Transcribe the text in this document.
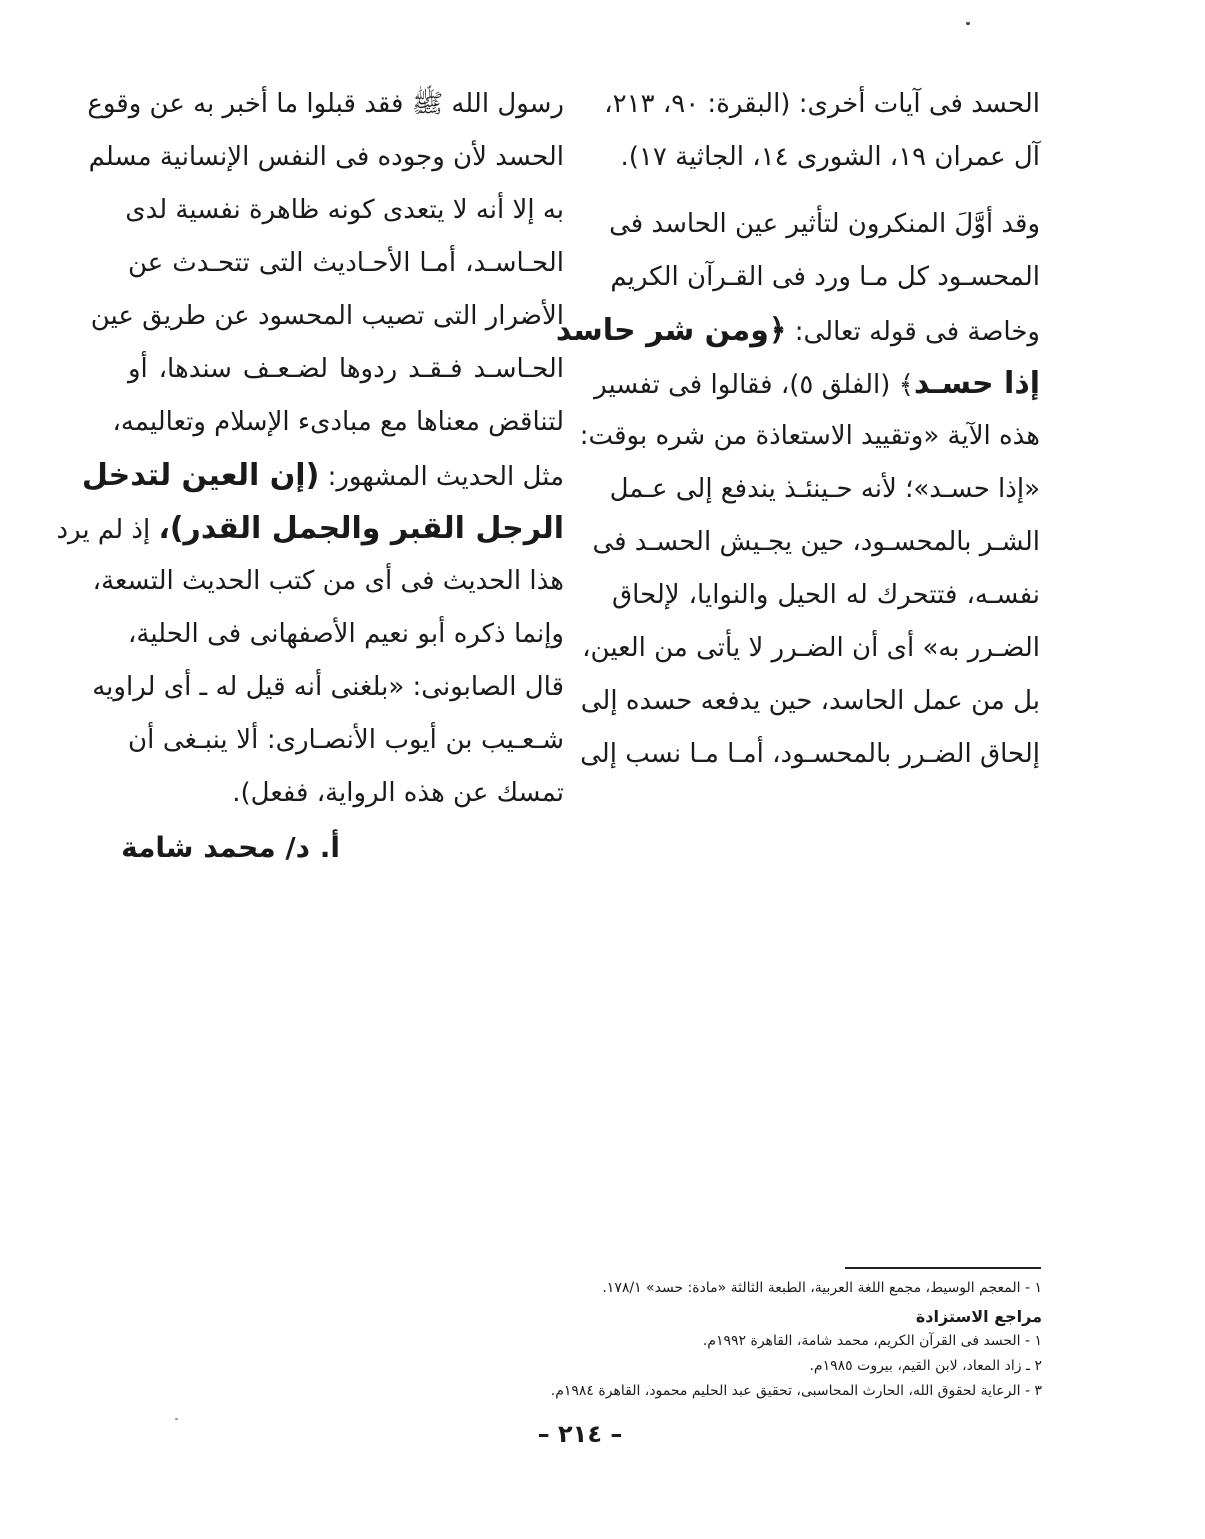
الحسد فى آيات أخرى: (البقرة: ٩٠، ٢١٣،
آل عمران ١٩، الشورى ١٤، الجاثية ١٧).
وقد أوَّلَ المنكرون لتأثير عين الحاسد فى
المحسـود كل مـا ورد فى القـرآن الكريم
وخاصة فى قوله تعالى: ﴿ومن شر حاسد
إذا حسـد﴾ (الفلق ٥)، فقالوا فى تفسير
هذه الآية «وتقييد الاستعاذة من شره بوقت:
«إذا حسـد»؛ لأنه حـينئـذ يندفع إلى عـمل
الشـر بالمحسـود، حين يجـيش الحسـد فى
نفسـه، فتتحرك له الحيل والنوايا، لإلحاق
الضـرر به» أى أن الضـرر لا يأتى من العين،
بل من عمل الحاسد، حين يدفعه حسده إلى
إلحاق الضـرر بالمحسـود، أمـا مـا نسب إلى
رسول الله ﷺ فقد قبلوا ما أخبر به عن وقوع
الحسد لأن وجوده فى النفس الإنسانية مسلم
به إلا أنه لا يتعدى كونه ظاهرة نفسية لدى
الحـاسـد، أمـا الأحـاديث التى تتحـدث عن
الأضرار التى تصيب المحسود عن طريق عين
الحـاسـد فـقـد ردوها لضـعـف سندها، أو
لتناقض معناها مع مبادىء الإسلام وتعاليمه،
مثل الحديث المشهور: (إن العين لتدخل
الرجل القبر والجمل القدر)، إذ لم يرد
هذا الحديث فى أى من كتب الحديث التسعة،
وإنما ذكره أبو نعيم الأصفهانى فى الحلية،
قال الصابونى: «بلغنى أنه قيل له ـ أى لراويه
شـعـيب بن أيوب الأنصـارى: ألا ينبـغى أن
تمسك عن هذه الرواية، ففعل).
أ. د/ محمد شامة
١ - المعجم الوسيط، مجمع اللغة العربية، الطبعة الثالثة «مادة: حسد» ١٧٨/١.
مراجع الاستزادة
١ - الحسد فى القرآن الكريم، محمد شامة، القاهرة ١٩٩٢م.
٢ ـ زاد المعاد، لابن القيم، بيروت ١٩٨٥م.
٣ - الرعاية لحقوق الله، الحارث المحاسبى، تحقيق عبد الحليم محمود، القاهرة ١٩٨٤م.
– ٢١٤ –
